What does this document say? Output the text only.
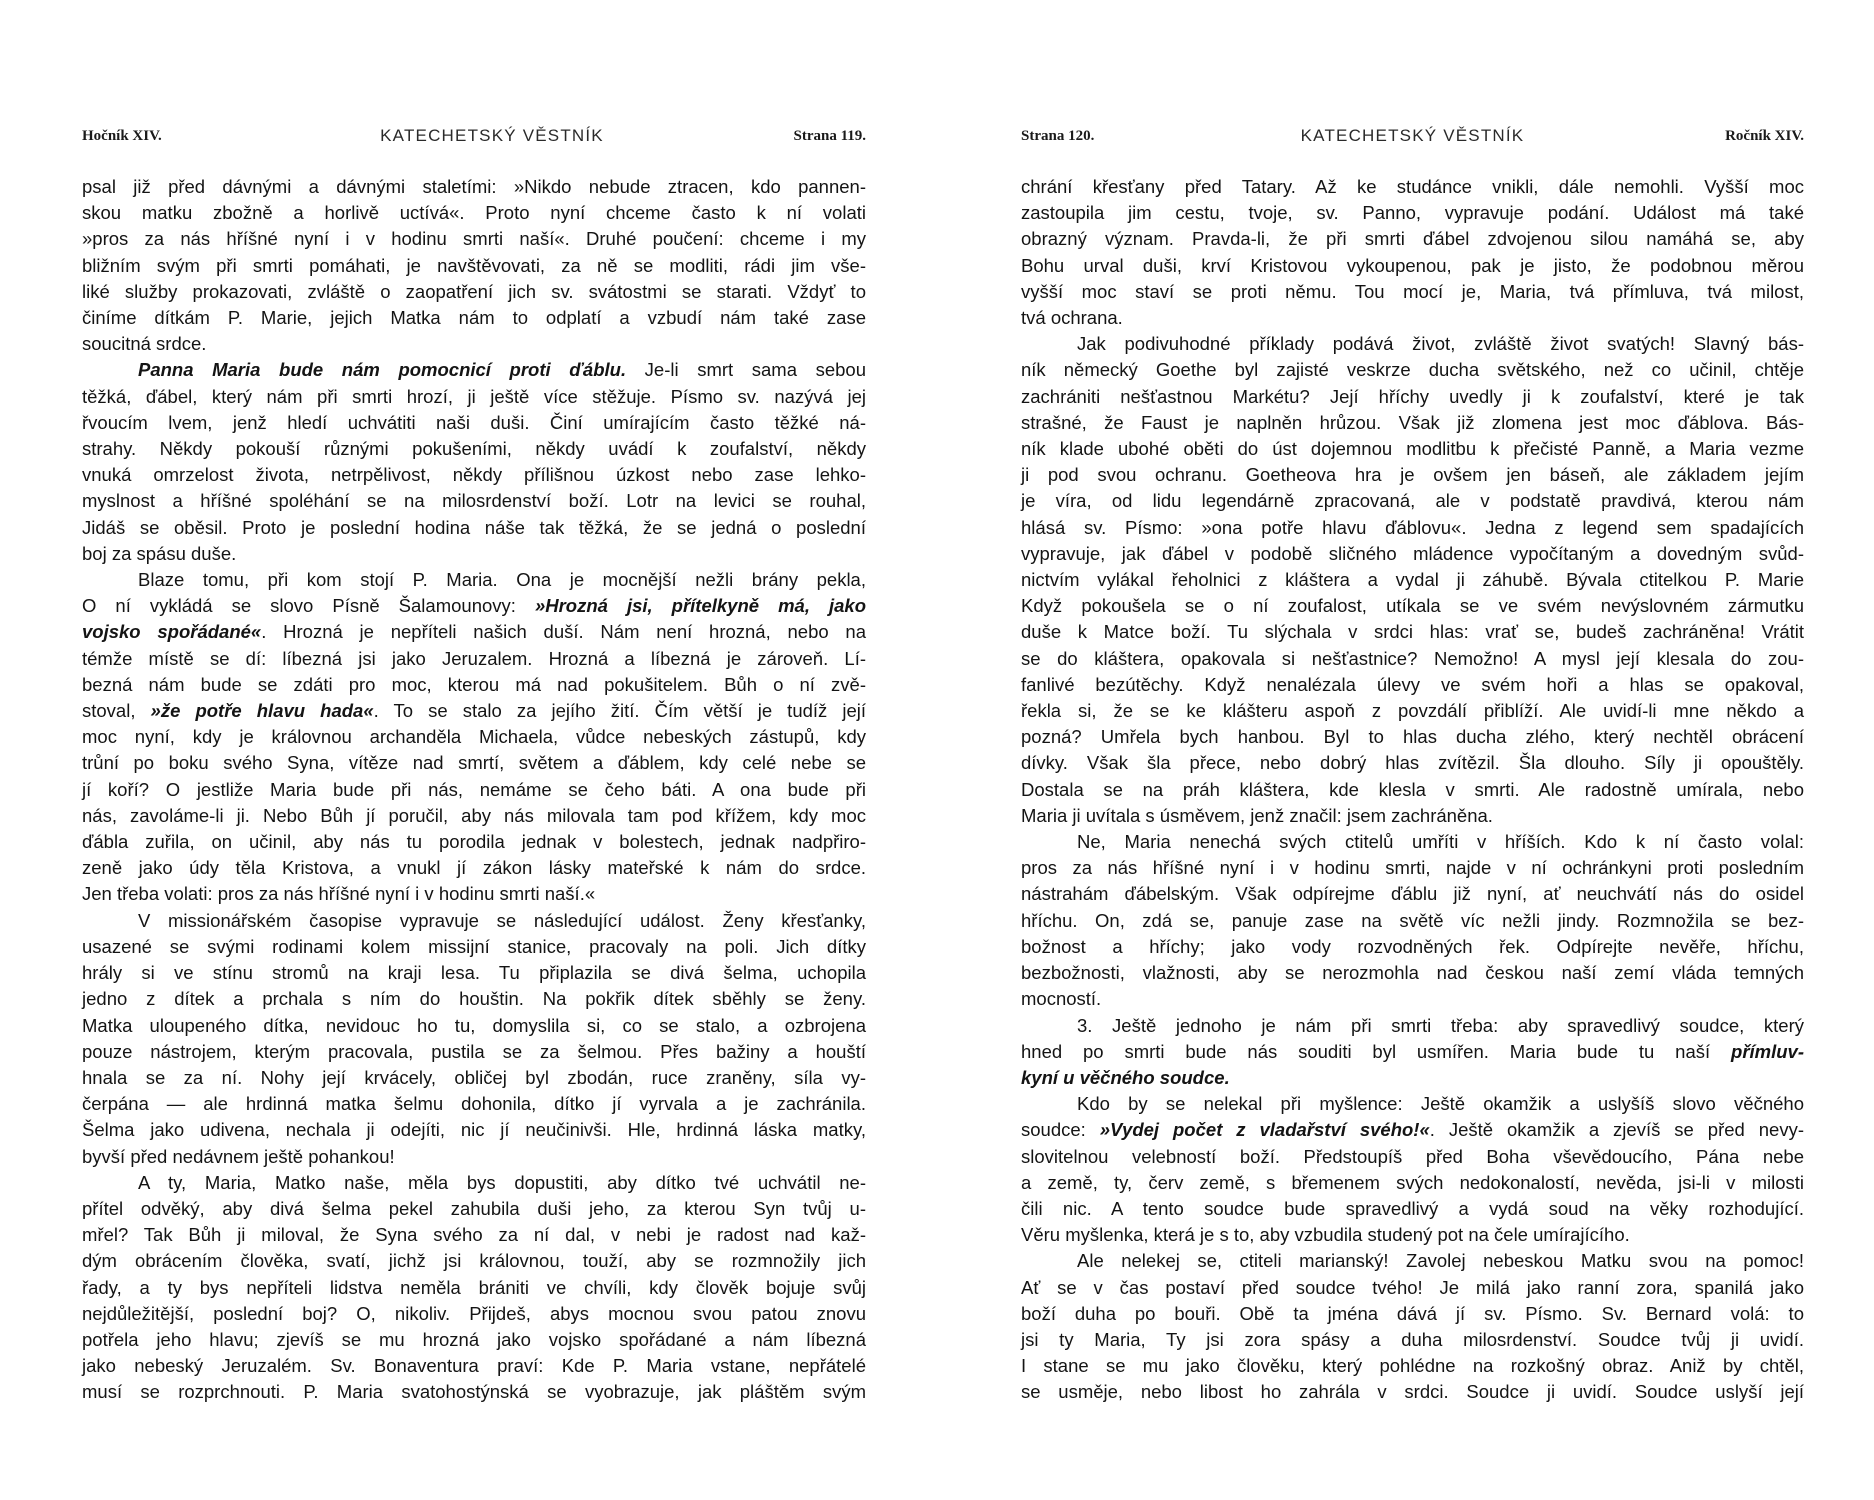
Hočník XIV.	KATECHETSKÝ VĚSTNÍK	Strana 119.	Strana 120.	KATECHETSKÝ VĚSTNÍK	Ročník XIV.
psal již před dávnými a dávnými staletími: »Nikdo nebude ztracen, kdo pannen-
skou matku zbožně a horlivě uctívá«. Proto nyní chceme často k ní volati
»pros za nás hříšné nyní i v hodinu smrti naší«. Druhé poučení: chceme i my
bližním svým při smrti pomáhati, je navštěvovati, za ně se modliti, rádi jim vše-
liké služby prokazovati, zvláště o zaopatření jich sv. svátostmi se starati. Vždyť to
činíme dítkám P. Marie, jejich Matka nám to odplatí a vzbudí nám také zase
soucitná srdce.
Panna Maria bude nám pomocnicí proti ďáblu. Je-li smrt sama sebou
těžká, ďábel, který nám při smrti hrozí, ji ještě více stěžuje. Písmo sv. nazývá jej
řvoucím lvem, jenž hledí uchvátiti naši duši. Činí umírajícím často těžké ná-
strahy. Někdy pokouší různými pokušeními, někdy uvádí k zoufalství, někdy
vnuká omrzelost života, netrpělivost, někdy přílišnou úzkost nebo zase lehko-
myslnost a hříšné spoléhání se na milosrdenství boží. Lotr na levici se rouhal,
Jidáš se oběsil. Proto je poslední hodina náše tak těžká, že se jedná o poslední
boj za spásu duše.
Blaze tomu, při kom stojí P. Maria. Ona je mocnější nežli brány pekla,
O ní vykládá se slovo Písně Šalamounovy: »Hrozná jsi, přítelkyně má, jako
vojsko spořádané«. Hrozná je nepříteli našich duší. Nám není hrozná, nebo na
témže místě se dí: líbezná jsi jako Jeruzalem. Hrozná a líbezná je zároveň. Lí-
bezná nám bude se zdáti pro moc, kterou má nad pokušitelem. Bůh o ní zvě-
stoval, »že potře hlavu hada«. To se stalo za jejího žití. Čím větší je tudíž její
moc nyní, kdy je královnou archanděla Michaela, vůdce nebeských zástupů, kdy
trůní po boku svého Syna, vítěze nad smrtí, světem a ďáblem, kdy celé nebe se
jí koří? O jestliže Maria bude při nás, nemáme se čeho báti. A ona bude při
nás, zavoláme-li ji. Nebo Bůh jí poručil, aby nás milovala tam pod křížem, kdy moc
ďábla zuřila, on učinil, aby nás tu porodila jednak v bolestech, jednak nadpřiro-
zeně jako údy těla Kristova, a vnukl jí zákon lásky mateřské k nám do srdce.
Jen třeba volati: pros za nás hříšné nyní i v hodinu smrti naší.«
V missionářském časopise vypravuje se následující událost. Ženy křesťanky,
usazené se svými rodinami kolem missijní stanice, pracovaly na poli. Jich dítky
hrály si ve stínu stromů na kraji lesa. Tu připlazila se divá šelma, uchopila
jedno z dítek a prchala s ním do houštin. Na pokřik dítek sběhly se ženy.
Matka uloupeného dítka, nevidouc ho tu, domyslila si, co se stalo, a ozbrojena
pouze nástrojem, kterým pracovala, pustila se za šelmou. Přes bažiny a houští
hnala se za ní. Nohy její krvácely, obličej byl zbodán, ruce zraněny, síla vy-
čerpána — ale hrdinná matka šelmu dohonila, dítko jí vyrvala a je zachránila.
Šelma jako udivena, nechala ji odejíti, nic jí neučinivši. Hle, hrdinná láska matky,
byvší před nedávnem ještě pohankou!
A ty, Maria, Matko naše, měla bys dopustiti, aby dítko tvé uchvátil ne-
přítel odvěký, aby divá šelma pekel zahubila duši jeho, za kterou Syn tvůj u-
mřel? Tak Bůh ji miloval, že Syna svého za ní dal, v nebi je radost nad kaž-
dým obrácením člověka, svatí, jichž jsi královnou, touží, aby se rozmnožily jich
řady, a ty bys nepříteli lidstva neměla brániti ve chvíli, kdy člověk bojuje svůj
nejdůležitější, poslední boj? O, nikoliv. Přijdeš, abys mocnou svou patou znovu
potřela jeho hlavu; zjevíš se mu hrozná jako vojsko spořádané a nám líbezná
jako nebeský Jeruzalém. Sv. Bonaventura praví: Kde P. Maria vstane, nepřátelé
musí se rozprchnouti. P. Maria svatohostýnská se vyobrazuje, jak pláštěm svým
chrání křesťany před Tatary. Až ke studánce vnikli, dále nemohli. Vyšší moc
zastoupila jim cestu, tvoje, sv. Panno, vypravuje podání. Událost má také
obrazný význam. Pravda-li, že při smrti ďábel zdvojenou silou namáhá se, aby
Bohu urval duši, krví Kristovou vykoupenou, pak je jisto, že podobnou měrou
vyšší moc staví se proti němu. Tou mocí je, Maria, tvá přímluva, tvá milost,
tvá ochrana.
Jak podivuhodné příklady podává život, zvláště život svatých! Slavný bás-
ník německý Goethe byl zajisté veskrze ducha světského, než co učinil, chtěje
zachrániti nešťastnou Markétu? Její hříchy uvedly ji k zoufalství, které je tak
strašné, že Faust je naplněn hrůzou. Však již zlomena jest moc ďáblova. Bás-
ník klade ubohé oběti do úst dojemnou modlitbu k přečisté Panně, a Maria vezme
ji pod svou ochranu. Goetheova hra je ovšem jen báseň, ale základem jejím
je víra, od lidu legendárně zpracovaná, ale v podstatě pravdivá, kterou nám
hlásá sv. Písmo: »ona potře hlavu ďáblovu«. Jedna z legend sem spadajících
vypravuje, jak ďábel v podobě sličného mládence vypočítaným a dovedným svůd-
nictvím vylákal řeholnici z kláštera a vydal ji záhubě. Bývala ctitelkou P. Marie
Když pokoušela se o ní zoufalost, utíkala se ve svém nevýslovném zármutku
duše k Matce boží. Tu slýchala v srdci hlas: vrať se, budeš zachráněna! Vrátit
se do kláštera, opakovala si nešťastnice? Nemožno! A mysl její klesala do zou-
fanlivé bezútěchy. Když nenalézala úlevy ve svém hoři a hlas se opakoval,
řekla si, že se ke klášteru aspoň z povzdálí přiblíží. Ale uvidí-li mne někdo a
pozná? Umřela bych hanbou. Byl to hlas ducha zlého, který nechtěl obrácení
dívky. Však šla přece, nebo dobrý hlas zvítězil. Šla dlouho. Síly ji opouštěly.
Dostala se na práh kláštera, kde klesla v smrti. Ale radostně umírala, nebo
Maria ji uvítala s úsměvem, jenž značil: jsem zachráněna.
Ne, Maria nenechá svých ctitelů umříti v hříších. Kdo k ní často volal:
pros za nás hříšné nyní i v hodinu smrti, najde v ní ochránkyni proti posledním
nástrahám ďábelským. Však odpírejme ďáblu již nyní, ať neuchvátí nás do osidel
hříchu. On, zdá se, panuje zase na světě víc nežli jindy. Rozmnožila se bez-
božnost a hříchy; jako vody rozvodněných řek. Odpírejte nevěře, hříchu,
bezbožnosti, vlažnosti, aby se nerozmohla nad českou naší zemí vláda temných
mocností.
3. Ještě jednoho je nám při smrti třeba: aby spravedlivý soudce, který
hned po smrti bude nás souditi byl usmířen. Maria bude tu naší přímluv-
kyní u věčného soudce.
Kdo by se nelekal při myšlence: Ještě okamžik a uslyšíš slovo věčného
soudce: »Vydej počet z vladařství svého!«. Ještě okamžik a zjevíš se před nevy-
slovitelnou velebností boží. Předstoupíš před Boha vševědoucího, Pána nebe
a země, ty, červ země, s břemenem svých nedokonalostí, nevěda, jsi-li v milosti
čili nic. A tento soudce bude spravedlivý a vydá soud na věky rozhodující.
Věru myšlenka, která je s to, aby vzbudila studený pot na čele umírajícího.
Ale nelekej se, ctiteli marianský! Zavolej nebeskou Matku svou na pomoc!
Ať se v čas postaví před soudce tvého! Je milá jako ranní zora, spanilá jako
boží duha po bouři. Obě ta jména dává jí sv. Písmo. Sv. Bernard volá: to
jsi ty Maria, Ty jsi zora spásy a duha milosrdenství. Soudce tvůj ji uvidí.
I stane se mu jako člověku, který pohlédne na rozkošný obraz. Aniž by chtěl,
se usměje, nebo libost ho zahrála v srdci. Soudce ji uvidí. Soudce uslyší její
